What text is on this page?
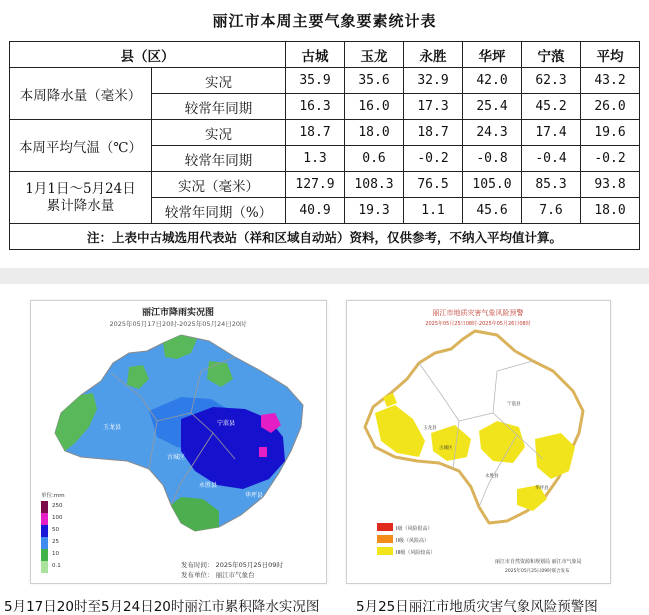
丽江市本周主要气象要素统计表
县（区）		古城	玉龙	永胜	华坪	宁蒗	平均
本周降水量（毫米）	实况	35.9	35.6	32.9	42.0	62.3	43.2
	较常年同期	16.3	16.0	17.3	25.4	45.2	26.0
本周平均气温（℃）	实况	18.7	18.0	18.7	24.3	17.4	19.6
	较常年同期	1.3	0.6	-0.2	-0.8	-0.4	-0.2

1月1日～5月24日
累计降水量	实况（毫米）	127.9	108.3	76.5	105.0	85.3	93.8
	较常年同期（%）	40.9	19.3	1.1	45.6	7.6	18.0
注：上表中古城选用代表站（祥和区域自动站）资料，仅供参考，不纳入平均值计算。							
丽江市降雨实况图
2025年05月17日20时-2025年05月24日20时
玉龙县
古城区
宁蒗县
永胜县
华坪县
单位:mm
250
100
50
25
10
0.1	发布时间： 2025年05月25日09时
发布单位： 丽江市气象台
丽江市地质灾害气象风险预警
2025年05月25日08时-2025年05月26日08时
宁蒗县
玉龙县
古城区
永胜县
华坪县
I级（风险很高）
II级（风险高）
III级（风险较高）
丽江市自然资源和规划局 丽江市气象局
2025年05月25日09时联合发布
5月17日20时至5月24日20时丽江市累积降水实况图	5月25日丽江市地质灾害气象风险预警图
